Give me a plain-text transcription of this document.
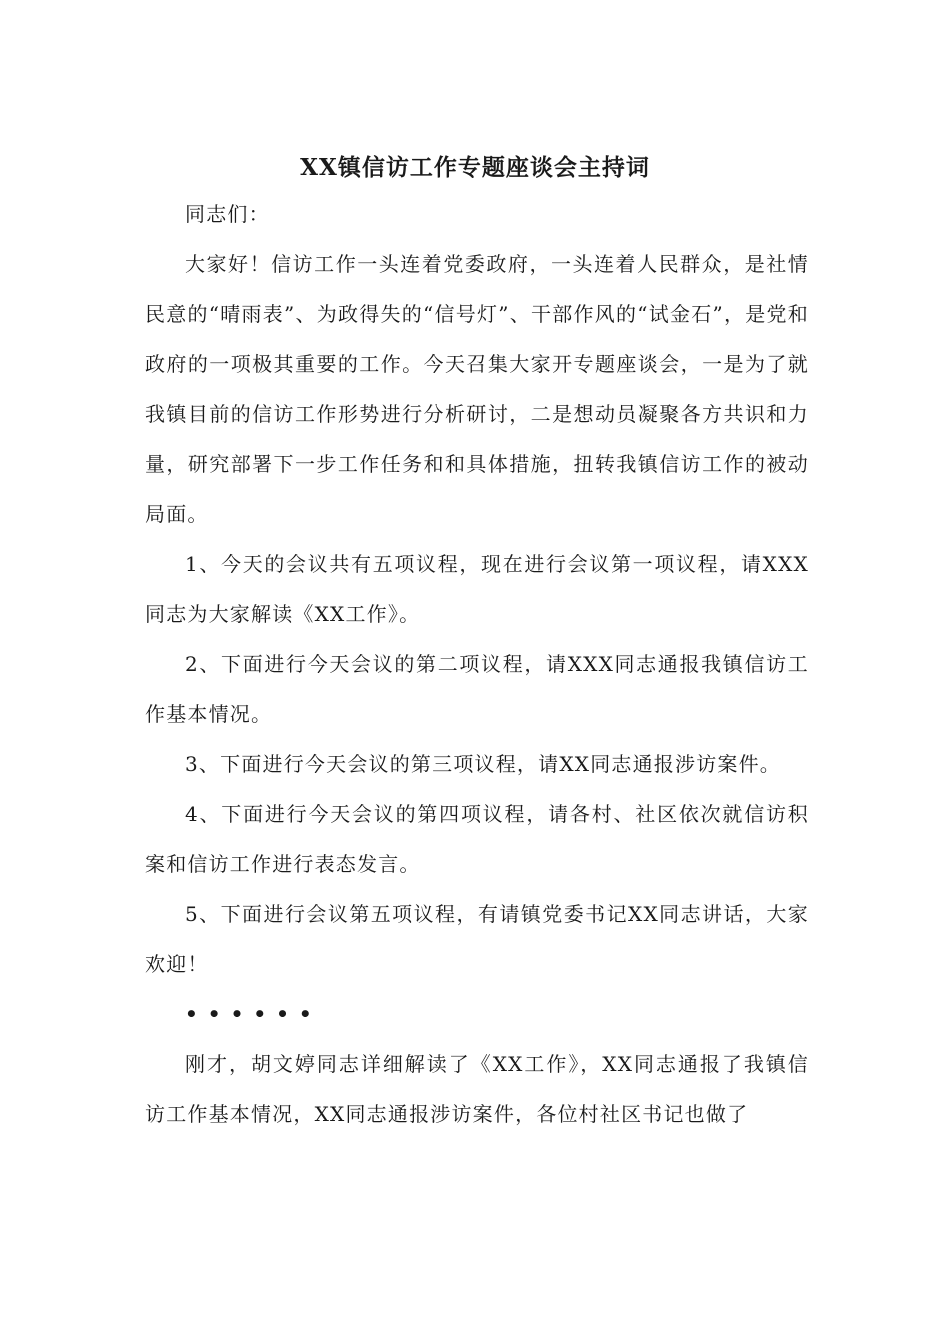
XX镇信访工作专题座谈会主持词

同志们：

大家好！信访工作一头连着党委政府，一头连着人民群众，是社情民意的“晴雨表”、为政得失的“信号灯”、干部作风的“试金石”，是党和政府的一项极其重要的工作。今天召集大家开专题座谈会，一是为了就我镇目前的信访工作形势进行分析研讨，二是想动员凝聚各方共识和力量，研究部署下一步工作任务和和具体措施，扭转我镇信访工作的被动局面。

1、今天的会议共有五项议程，现在进行会议第一项议程，请XXX同志为大家解读《XX工作》。

2、下面进行今天会议的第二项议程，请XXX同志通报我镇信访工作基本情况。

3、下面进行今天会议的第三项议程，请XX同志通报涉访案件。

4、下面进行今天会议的第四项议程，请各村、社区依次就信访积案和信访工作进行表态发言。

5、下面进行会议第五项议程，有请镇党委书记XX同志讲话，大家欢迎！

••••••

刚才，胡文婷同志详细解读了《XX工作》，XX同志通报了我镇信访工作基本情况，XX同志通报涉访案件，各位村社区书记也做了
